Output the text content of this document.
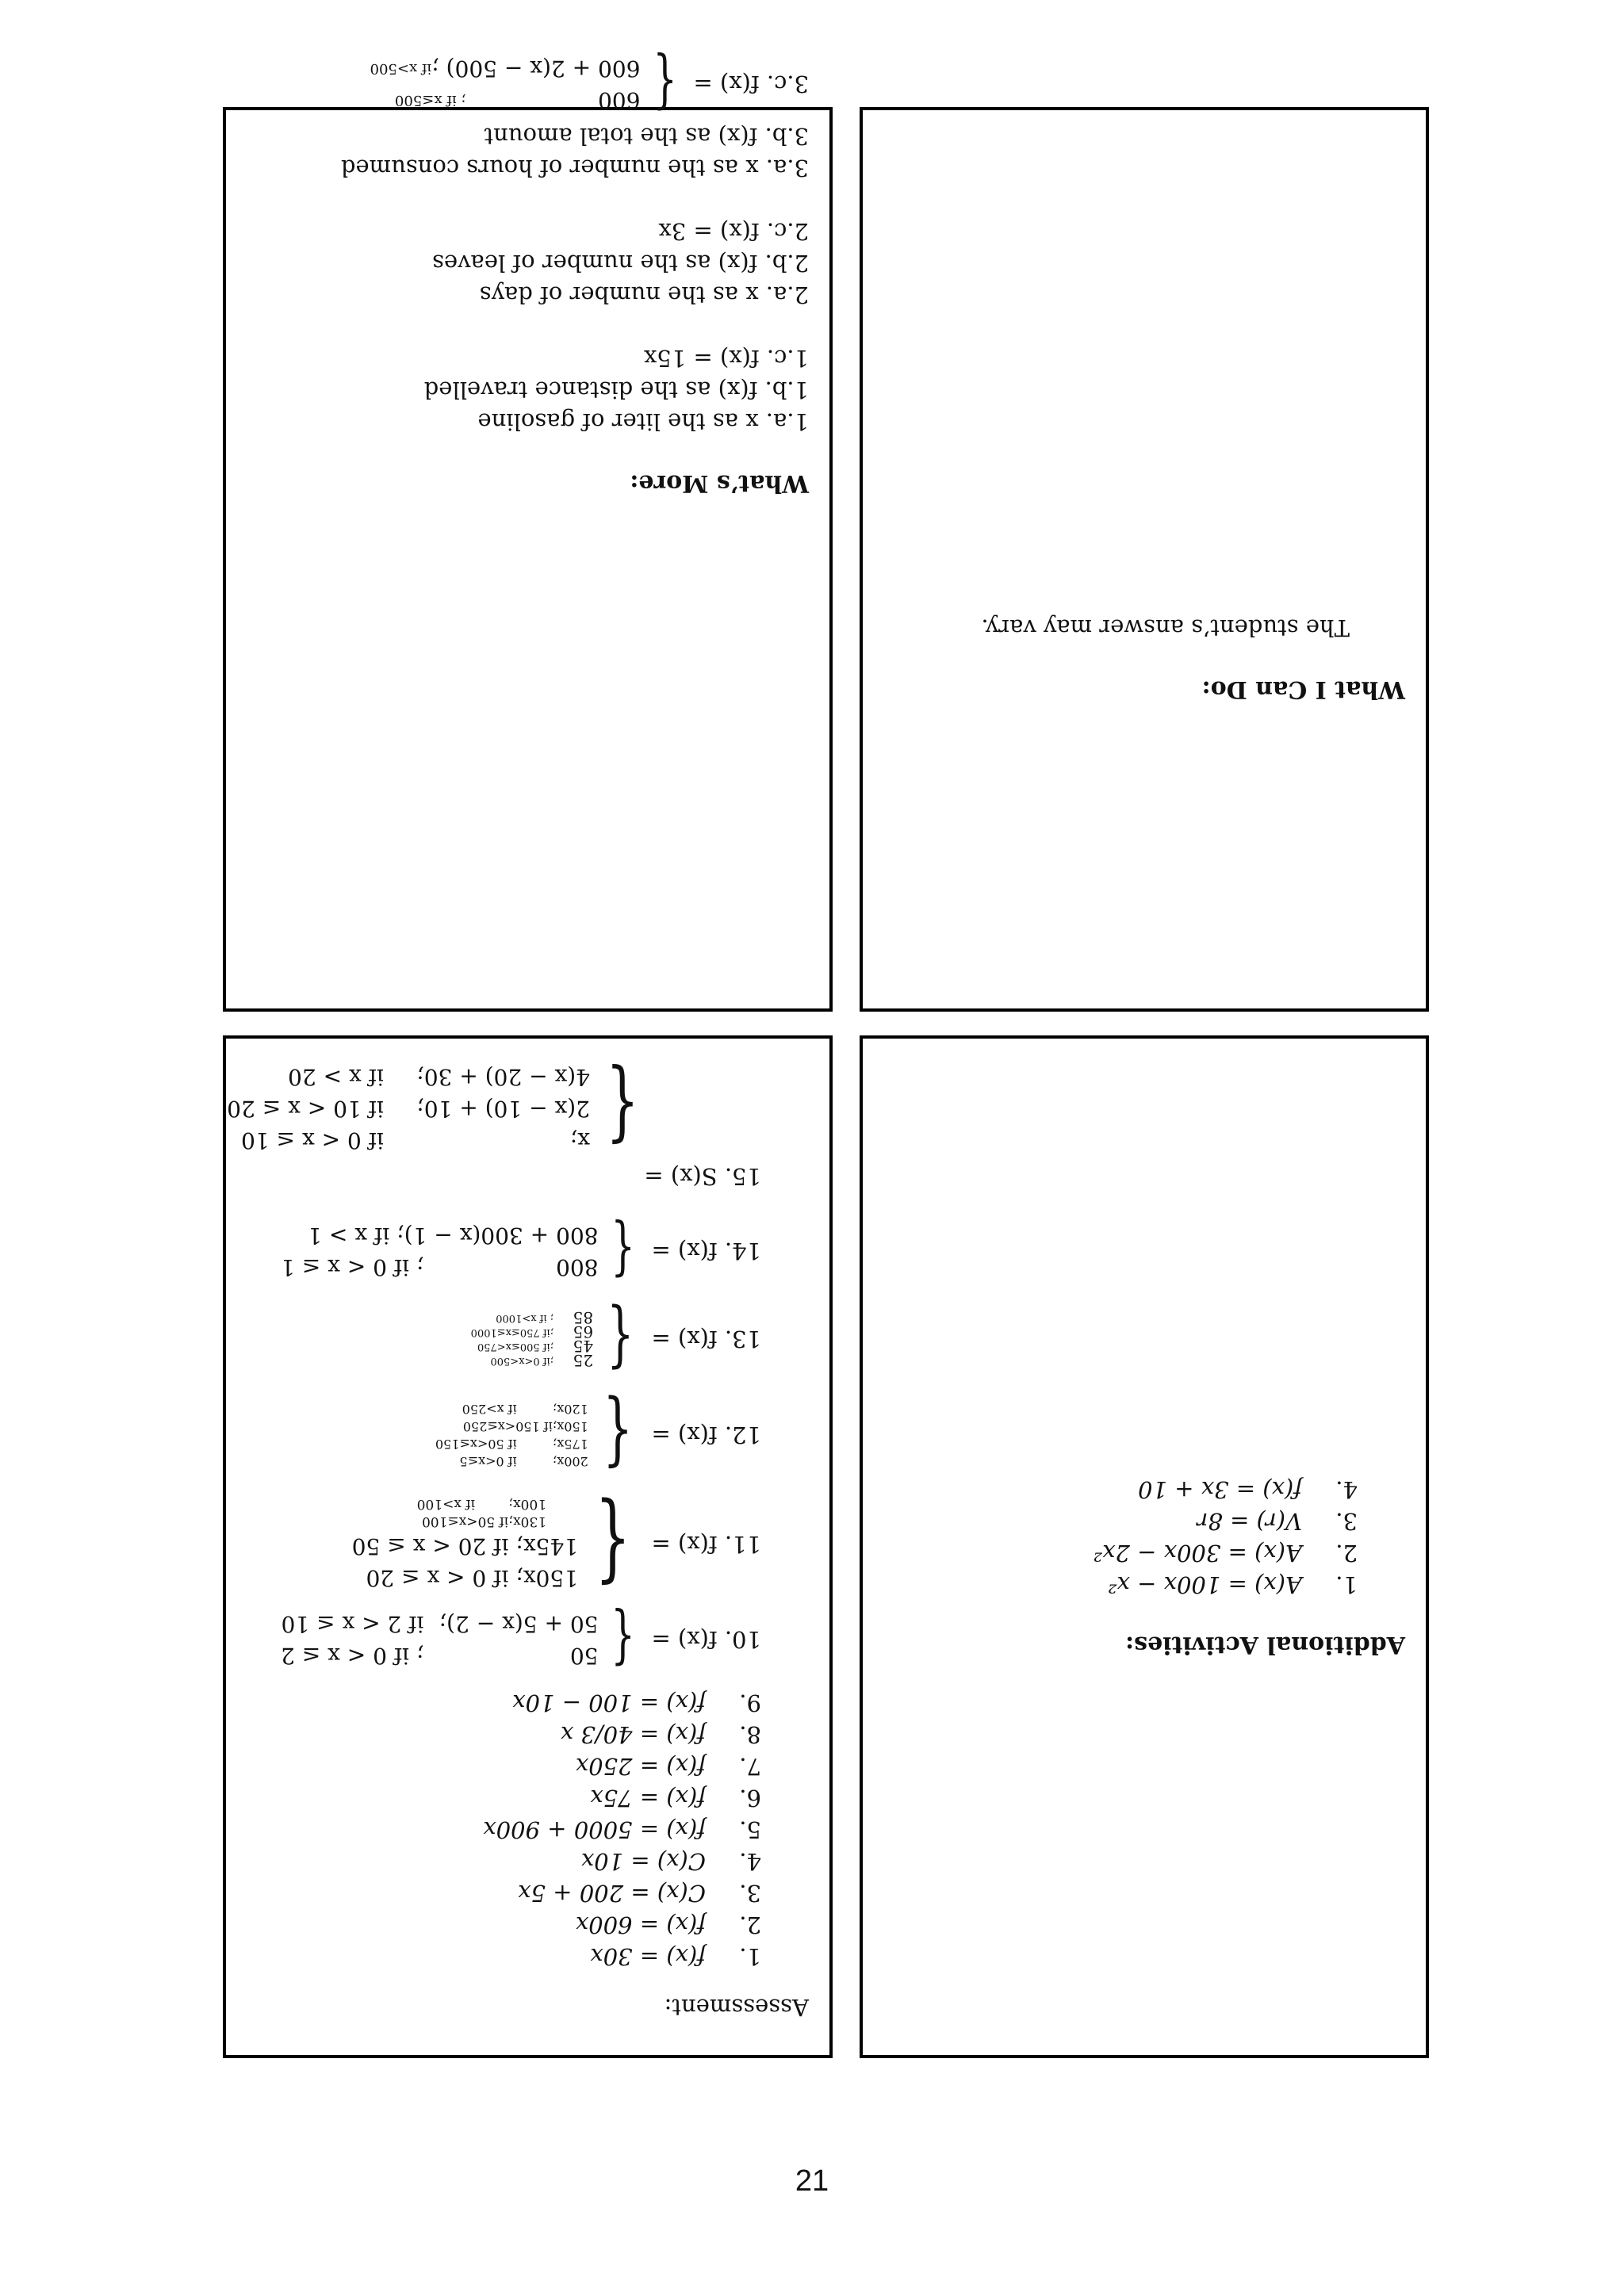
What’s More:
1.a. x as the liter of gasoline
1.b. f(x) as the distance travelled
1.c. f(x) = 15x
2.a. x as the number of days
2.b. f(x) as the number of leaves
2.c. f(x) = 3x
3.a. x as the number of hours consumed
3.b. f(x) as the total amount
3.c. f(x) =
{
600
; if x≤500
600 + 2(x − 500) ;
if x>500
What I Can Do:
The student’s answer may vary.
Assessment:
1.
f(x) = 30x
2.
f(x) = 600x
3.
C(x) = 200 + 5x
4.
C(x) = 10x
5.
f(x) = 5000 + 900x
6.
f(x) = 75x
7.
f(x) = 250x
8.
f(x) = 40/3 x
9.
f(x) = 100 − 10x
10. f(x) =
{
50
; if 0 < x ≤ 2
50 + 5(x − 2);
if 2 < x ≤ 10
11. f(x) =
{
150x; if 0 < x ≤ 20
145x; if 20 < x ≤ 50
130x;if 50<x≤100
100x;
if x>100
12. f(x) =
{
200x;
if 0<x≤5
175x;
if 50<x≤150
150x;if 150<x≤250
120x;
if x>250
13. f(x) =
{
25
;if 0<x<500
45
;if 500≤x<750
65
;if 750≤x≤1000
85
; if x>1000
14. f(x) =
{
800
; if 0 < x ≤ 1
800 + 300(x − 1); if x > 1
15. S(x) =
{
x;
if 0 < x ≤ 10
2(x − 10) + 10;
if 10 < x ≤ 20
4(x − 20) + 30;
if x > 20
Additional Activities:
1.
A(x) = 100x − x²
2.
A(x) = 300x − 2x²
3.
V(r) = 8r
4.
f(x) = 3x + 10
21
